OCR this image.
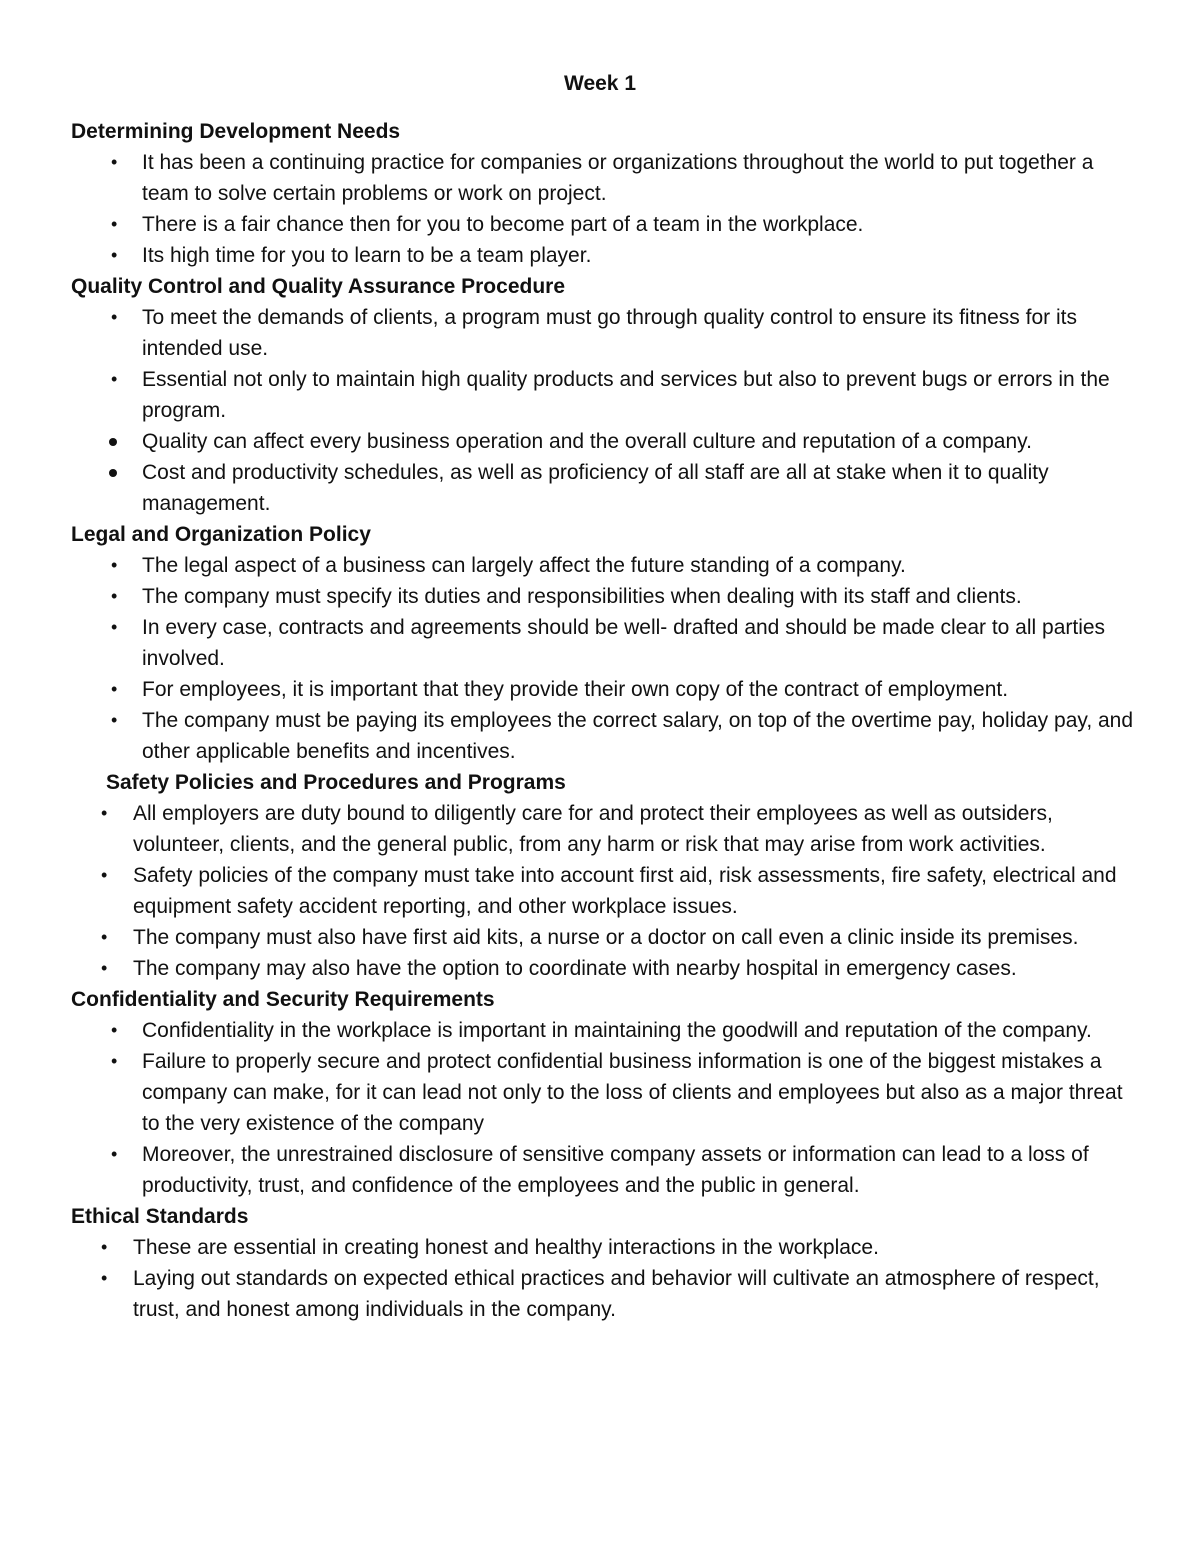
Week 1

Determining Development Needs

•	It has been a continuing practice for companies or organizations throughout the world to put together a team to solve certain problems or work on project.
•	There is a fair chance then for you to become part of a team in the workplace.
•	Its high time for you to learn to be a team player.

Quality Control and Quality Assurance Procedure

•	To meet the demands of clients, a program must go through quality control to ensure its fitness for its intended use.
•	Essential not only to maintain high quality products and services but also to prevent bugs or errors in the program.
Quality can affect every business operation and the overall culture and reputation of a company.
Cost and productivity schedules, as well as proficiency of all staff are all at stake when it to quality management.

Legal and Organization Policy

•	The legal aspect of a business can largely affect the future standing of a company.
•	The company must specify its duties and responsibilities when dealing with its staff and clients.
•	In every case, contracts and agreements should be well- drafted and should be made clear to all parties involved.
•	For employees, it is important that they provide their own copy of the contract of employment.
•	The company must be paying its employees the correct salary, on top of the overtime pay, holiday pay, and other applicable benefits and incentives.

Safety Policies and Procedures and Programs

•	All employers are duty bound to diligently care for and protect their employees as well as outsiders, volunteer, clients, and the general public, from any harm or risk that may arise from work activities.
•	Safety policies of the company must take into account first aid, risk assessments, fire safety, electrical and equipment safety accident reporting, and other workplace issues.
•	The company must also have first aid kits, a nurse or a doctor on call even a clinic inside its premises.
•	The company may also have the option to coordinate with nearby hospital in emergency cases.

Confidentiality and Security Requirements

•	Confidentiality in the workplace is important in maintaining the goodwill and reputation of the company.
•	Failure to properly secure and protect confidential business information is one of the biggest mistakes a company can make, for it can lead not only to the loss of clients and employees but also as a major threat to the very existence of the company
•	Moreover, the unrestrained disclosure of sensitive company assets or information can lead to a loss of productivity, trust, and confidence of the employees and the public in general.

Ethical Standards

•	These are essential in creating honest and healthy interactions in the workplace.
•	Laying out standards on expected ethical practices and behavior will cultivate an atmosphere of respect, trust, and honest among individuals in the company.
